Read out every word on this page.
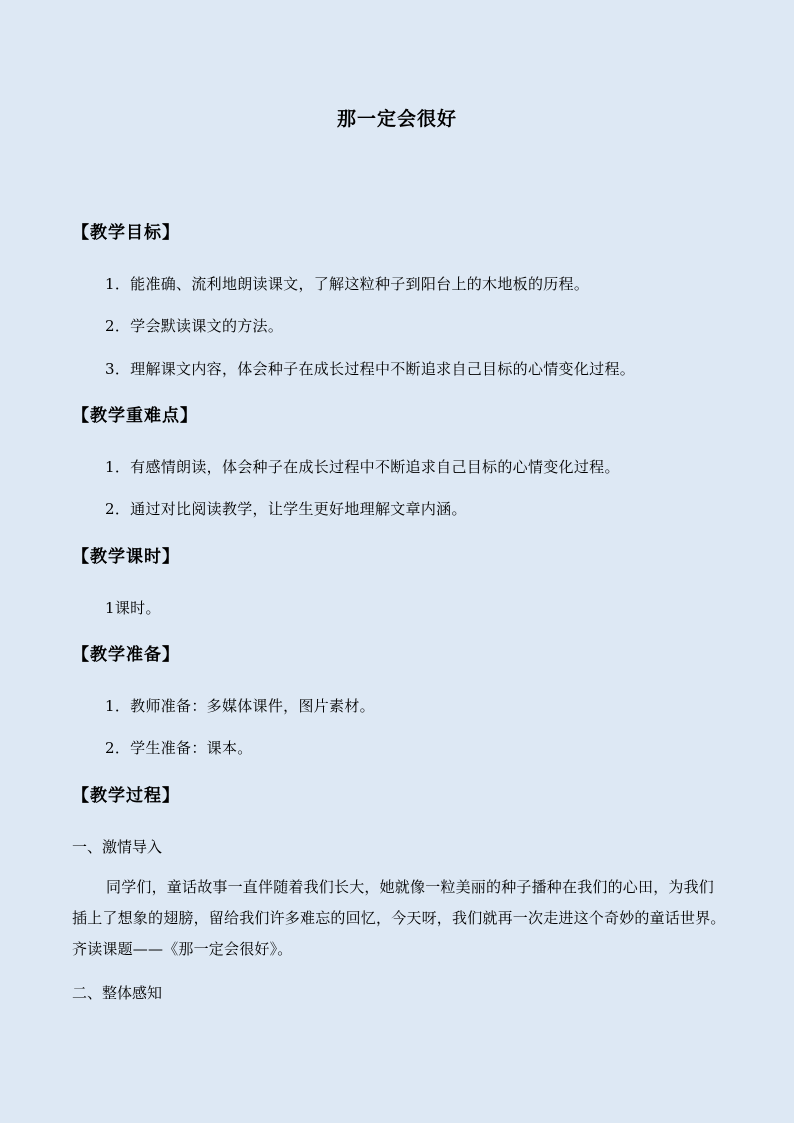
那一定会很好
【教学目标】
1．能准确、流利地朗读课文，了解这粒种子到阳台上的木地板的历程。
2．学会默读课文的方法。
3．理解课文内容，体会种子在成长过程中不断追求自己目标的心情变化过程。
【教学重难点】
1．有感情朗读，体会种子在成长过程中不断追求自己目标的心情变化过程。
2．通过对比阅读教学，让学生更好地理解文章内涵。
【教学课时】
1课时。
【教学准备】
1．教师准备：多媒体课件，图片素材。
2．学生准备：课本。
【教学过程】
一、激情导入
同学们，童话故事一直伴随着我们长大，她就像一粒美丽的种子播种在我们的心田，为我们插上了想象的翅膀，留给我们许多难忘的回忆，今天呀，我们就再一次走进这个奇妙的童话世界。齐读课题——《那一定会很好》。
二、整体感知
